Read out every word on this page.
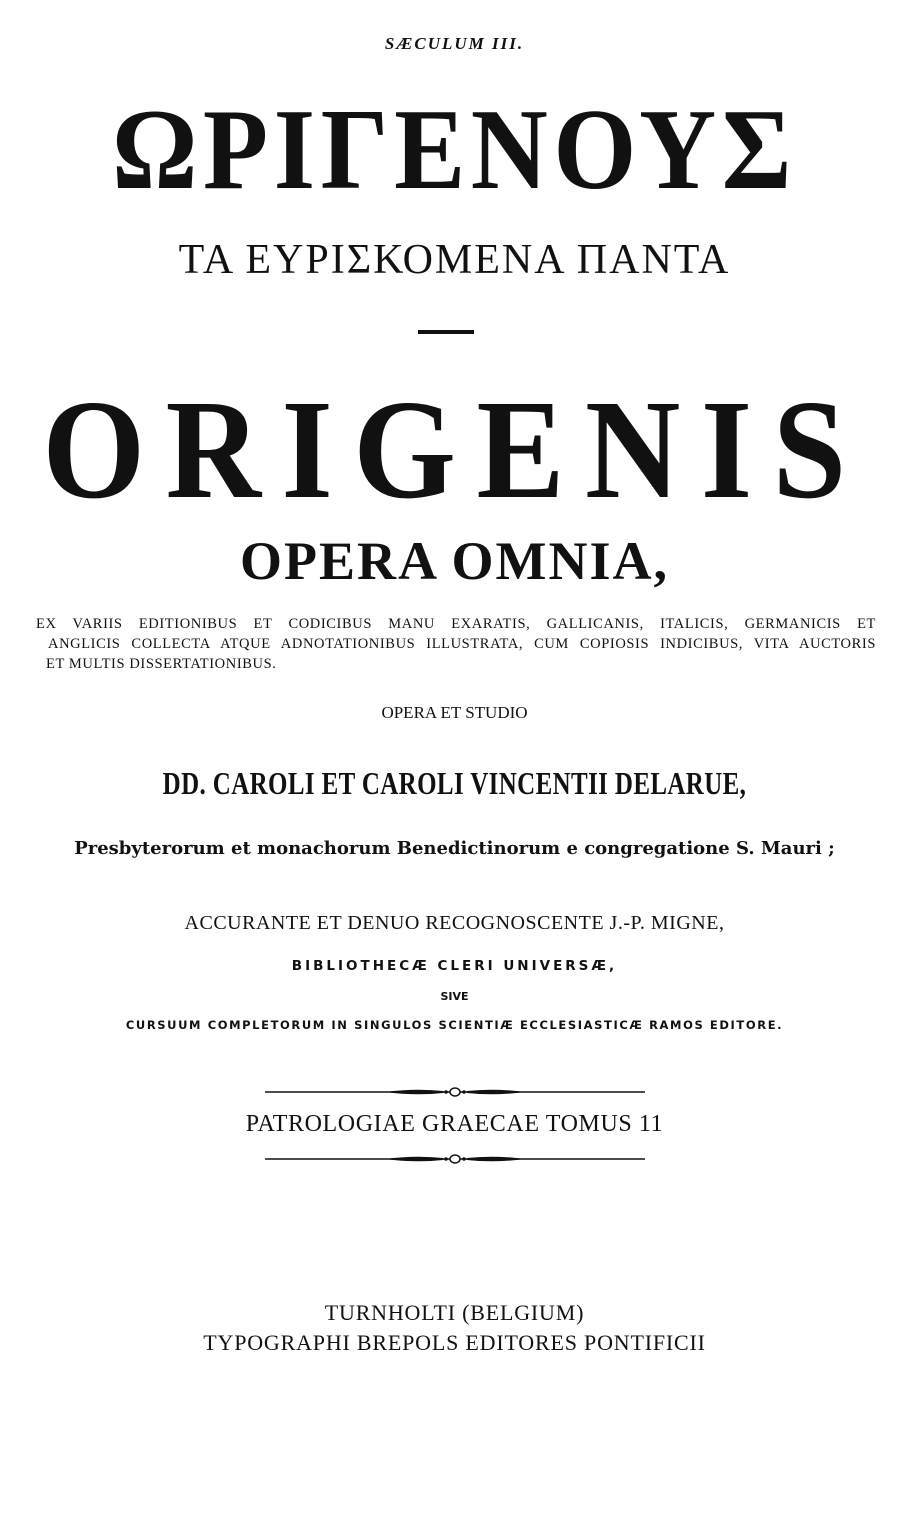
SÆCULUM III.
ΩΡΙΓΕΝΟΥΣ
ΤΑ ΕΥΡΙΣΚΟΜΕΝΑ ΠΑΝΤΑ
ORIGENIS
OPERA OMNIA,
EX VARIIS EDITIONIBUS ET CODICIBUS MANU EXARATIS, GALLICANIS, ITALICIS, GERMANICIS ET
ANGLICIS COLLECTA ATQUE ADNOTATIONIBUS ILLUSTRATA, CUM COPIOSIS INDICIBUS, VITA AUCTORIS
ET MULTIS DISSERTATIONIBUS.
OPERA ET STUDIO
DD. CAROLI ET CAROLI VINCENTII DELARUE,
Presbyterorum et monachorum Benedictinorum e congregatione S. Mauri ;
ACCURANTE ET DENUO RECOGNOSCENTE J.-P. MIGNE,
BIBLIOTHECÆ CLERI UNIVERSÆ,
SIVE
CURSUUM COMPLETORUM IN SINGULOS SCIENTIÆ ECCLESIASTICÆ RAMOS EDITORE.
PATROLOGIAE GRAECAE TOMUS 11
TURNHOLTI (BELGIUM)
TYPOGRAPHI BREPOLS EDITORES PONTIFICII
